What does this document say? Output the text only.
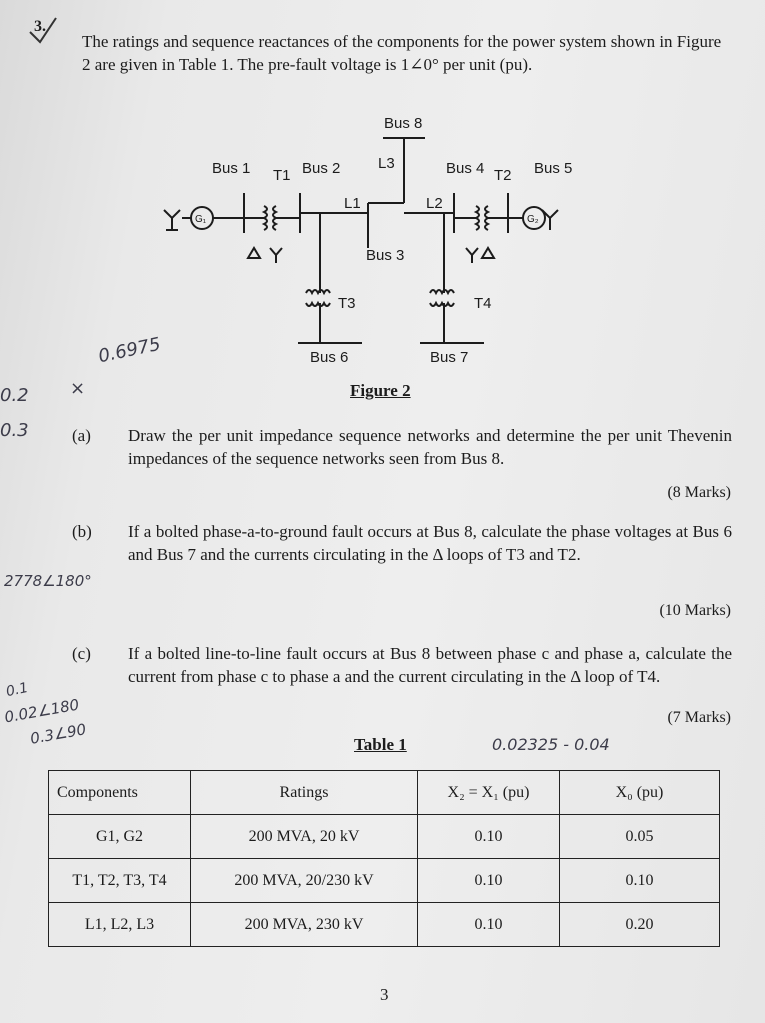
3.
The ratings and sequence reactances of the components for the power system shown in Figure 2 are given in Table 1. The pre-fault voltage is 1∠0° per unit (pu).
Bus 1 T1 Bus 2	L3
Bus 8
Bus 4 T2 Bus 5
L1	L2
Bus 3
T3	T4
Bus 6	Bus 7
G₁	G₂
Figure 2
0.6975
×
0.2
0.3
2778∠180°
0.1
0.02∠180
0.3∠90	0.02325 - 0.04
(a) Draw the per unit impedance sequence networks and determine the per unit Thevenin impedances of the sequence networks seen from Bus 8.
(8 Marks)
(b) If a bolted phase-a-to-ground fault occurs at Bus 8, calculate the phase voltages at Bus 6 and Bus 7 and the currents circulating in the Δ loops of T3 and T2.
(10 Marks)
(c) If a bolted line-to-line fault occurs at Bus 8 between phase c and phase a, calculate the current from phase c to phase a and the current circulating in the Δ loop of T4.
(7 Marks)
Table 1
Components	Ratings	X₂ = X₁ (pu)	X₀ (pu)
G1, G2	200 MVA, 20 kV	0.10	0.05
T1, T2, T3, T4	200 MVA, 20/230 kV	0.10	0.10
L1, L2, L3	200 MVA, 230 kV	0.10	0.20
3
